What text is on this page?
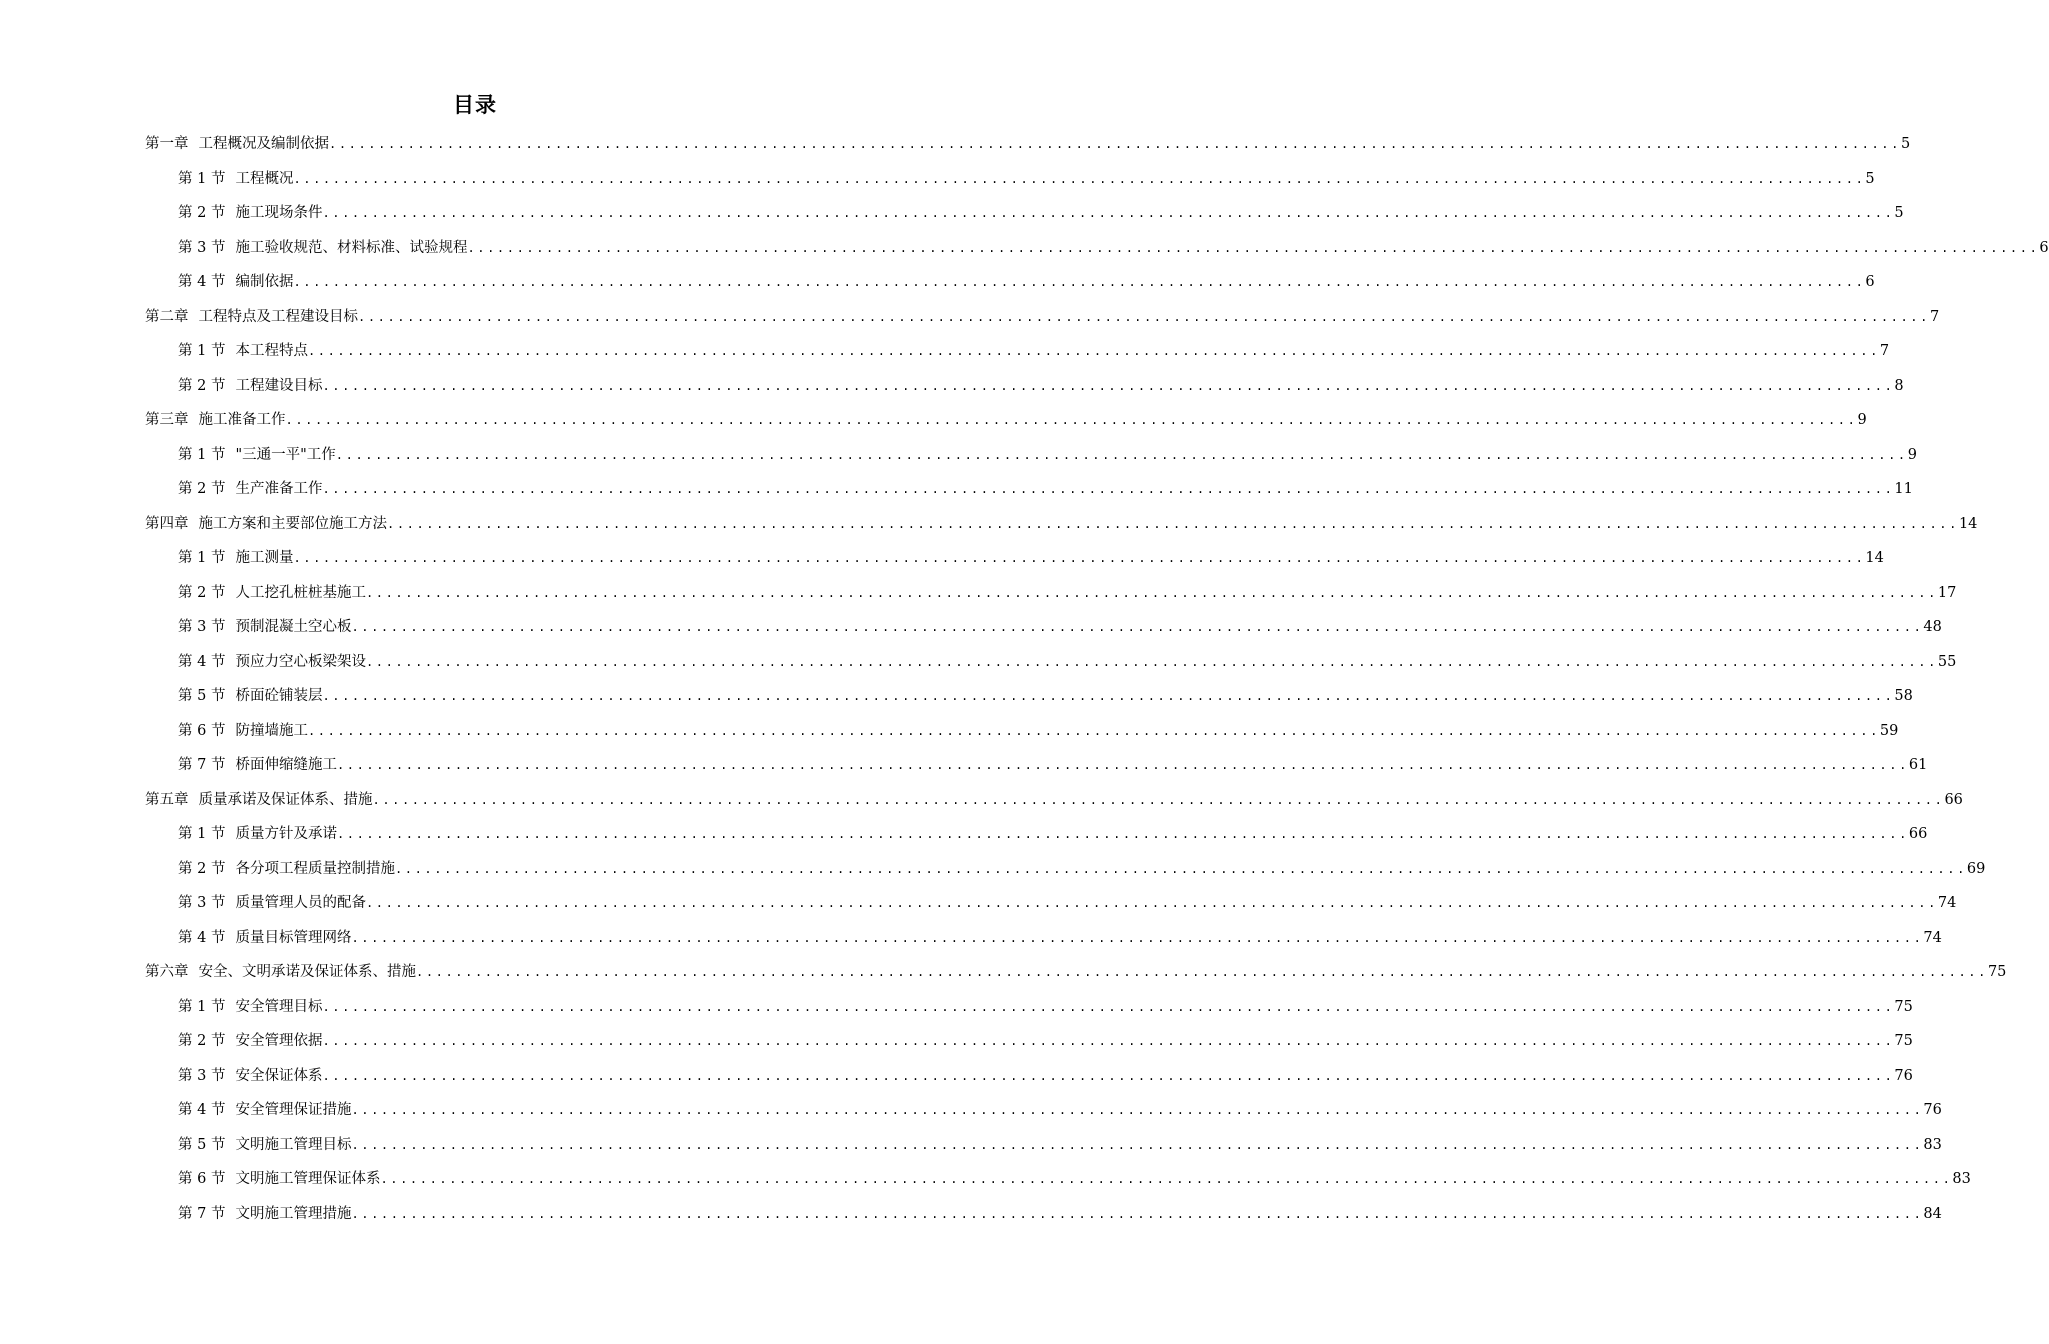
目录
第一章 工程概况及编制依据 ................................................................................................................................................................ 5
第 1 节 工程概况 ................................................................................................................................................................ 5
第 2 节 施工现场条件 ................................................................................................................................................................ 5
第 3 节 施工验收规范、材料标准、试验规程 ................................................................................................................................................................ 6
第 4 节 编制依据 ................................................................................................................................................................ 6
第二章 工程特点及工程建设目标 ................................................................................................................................................................ 7
第 1 节 本工程特点 ................................................................................................................................................................ 7
第 2 节 工程建设目标 ................................................................................................................................................................ 8
第三章 施工准备工作 ................................................................................................................................................................ 9
第 1 节 "三通一平"工作 ................................................................................................................................................................ 9
第 2 节 生产准备工作 ................................................................................................................................................................ 11
第四章 施工方案和主要部位施工方法 ................................................................................................................................................................ 14
第 1 节 施工测量 ................................................................................................................................................................ 14
第 2 节 人工挖孔桩桩基施工 ................................................................................................................................................................ 17
第 3 节 预制混凝土空心板 ................................................................................................................................................................ 48
第 4 节 预应力空心板梁架设 ................................................................................................................................................................ 55
第 5 节 桥面砼铺装层 ................................................................................................................................................................ 58
第 6 节 防撞墙施工 ................................................................................................................................................................ 59
第 7 节 桥面伸缩缝施工 ................................................................................................................................................................ 61
第五章 质量承诺及保证体系、措施 ................................................................................................................................................................ 66
第 1 节 质量方针及承诺 ................................................................................................................................................................ 66
第 2 节 各分项工程质量控制措施 ................................................................................................................................................................ 69
第 3 节 质量管理人员的配备 ................................................................................................................................................................ 74
第 4 节 质量目标管理网络 ................................................................................................................................................................ 74
第六章 安全、文明承诺及保证体系、措施 ................................................................................................................................................................ 75
第 1 节 安全管理目标 ................................................................................................................................................................ 75
第 2 节 安全管理依据 ................................................................................................................................................................ 75
第 3 节 安全保证体系 ................................................................................................................................................................ 76
第 4 节 安全管理保证措施 ................................................................................................................................................................ 76
第 5 节 文明施工管理目标 ................................................................................................................................................................ 83
第 6 节 文明施工管理保证体系 ................................................................................................................................................................ 83
第 7 节 文明施工管理措施 ................................................................................................................................................................ 84
